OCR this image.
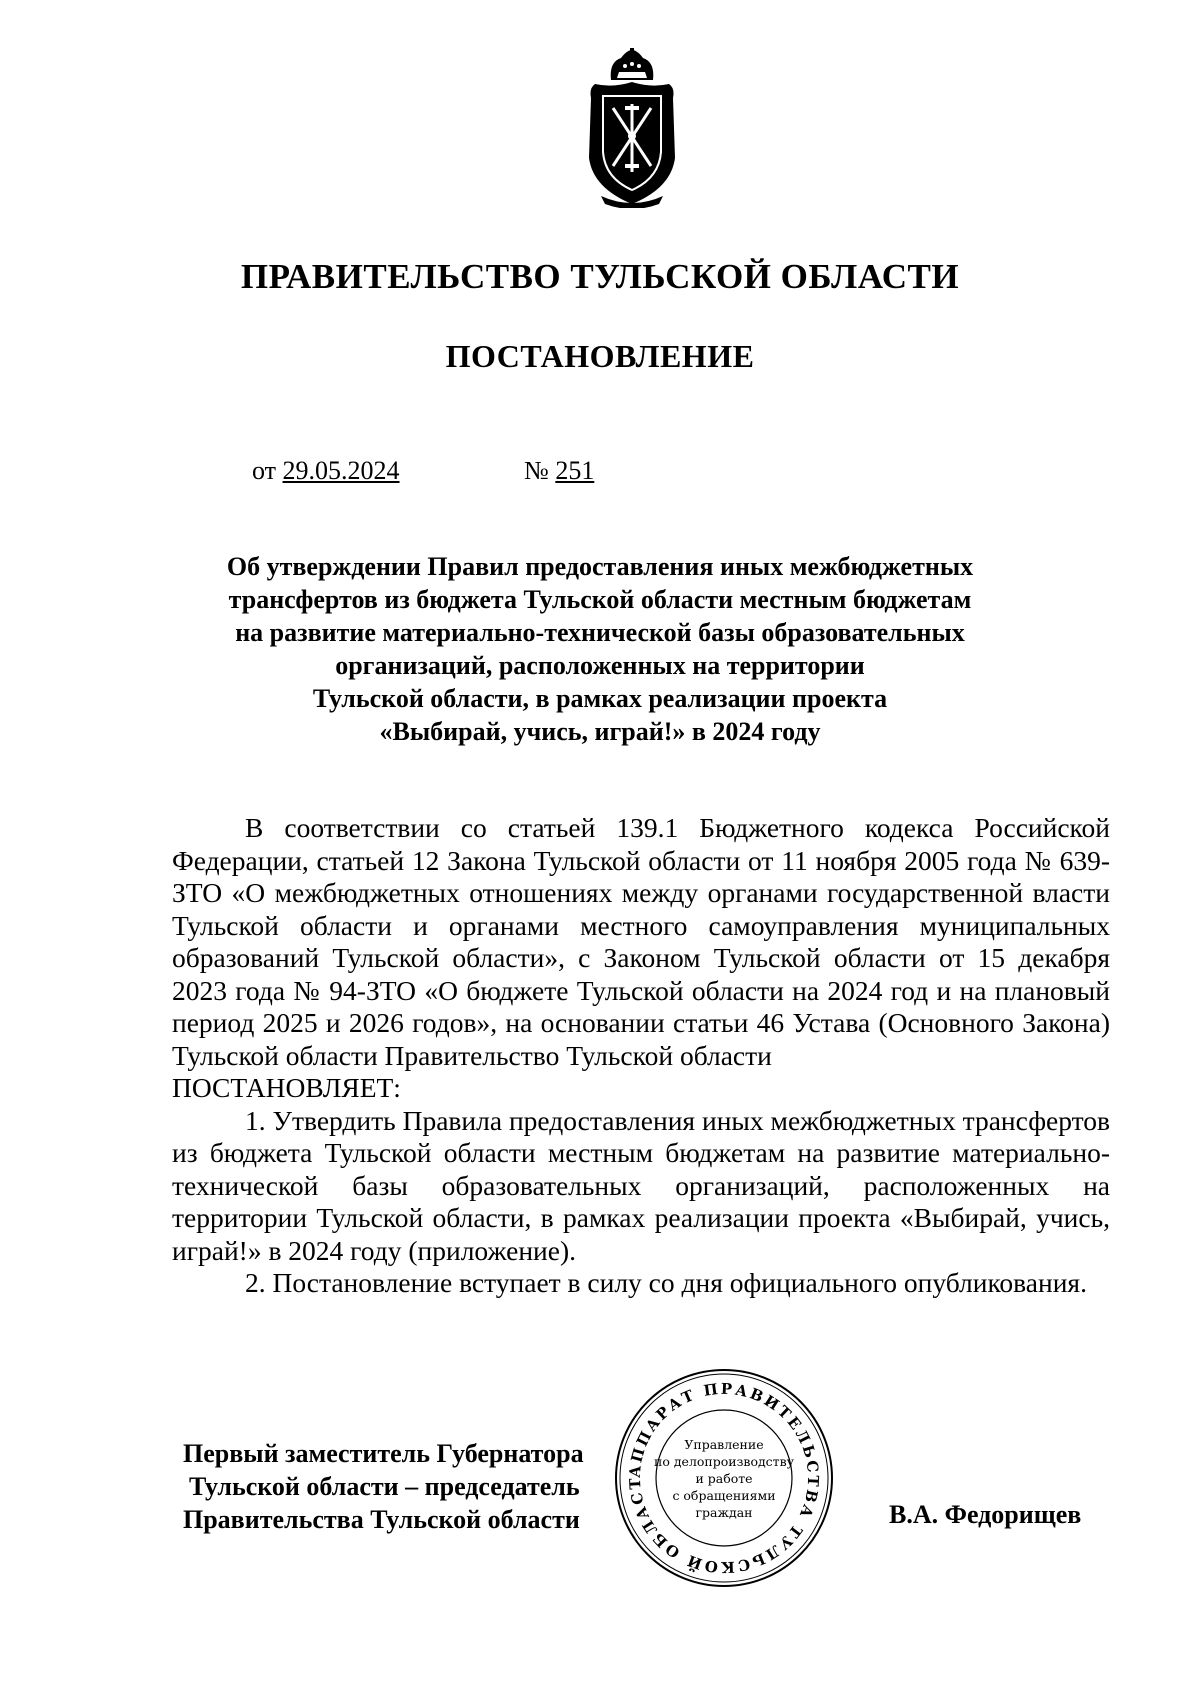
ПРАВИТЕЛЬСТВО ТУЛЬСКОЙ ОБЛАСТИ
ПОСТАНОВЛЕНИЕ
от 29.05.2024	№ 251
Об утверждении Правил предоставления иных межбюджетных
трансфертов из бюджета Тульской области местным бюджетам
на развитие материально-технической базы образовательных
организаций, расположенных на территории
Тульской области, в рамках реализации проекта
«Выбирай, учись, играй!» в 2024 году

В соответствии со статьей 139.1 Бюджетного кодекса Российской Федерации, статьей 12 Закона Тульской области от 11 ноября 2005 года № 639-ЗТО «О межбюджетных отношениях между органами государственной власти Тульской области и органами местного самоуправления муниципальных образований Тульской области», с Законом Тульской области от 15 декабря 2023 года № 94-ЗТО «О бюджете Тульской области на 2024 год и на плановый период 2025 и 2026 годов», на основании статьи 46 Устава (Основного Закона) Тульской области Правительство Тульской области

ПОСТАНОВЛЯЕТ:

1. Утвердить Правила предоставления иных межбюджетных трансфертов из бюджета Тульской области местным бюджетам на развитие материально-технической базы образовательных организаций, расположенных на территории Тульской области, в рамках реализации проекта «Выбирай, учись, играй!» в 2024 году (приложение).

2. Постановление вступает в силу со дня официального опубликования.

Первый заместитель Губернатора
Тульской области – председатель
Правительства Тульской области	В.А. Федорищев
АППАРАТ ПРАВИТЕЛЬСТВА ТУЛЬСКОЙ ОБЛАСТ
Управление
по делопроизводству
и работе
с обращениями
граждан
